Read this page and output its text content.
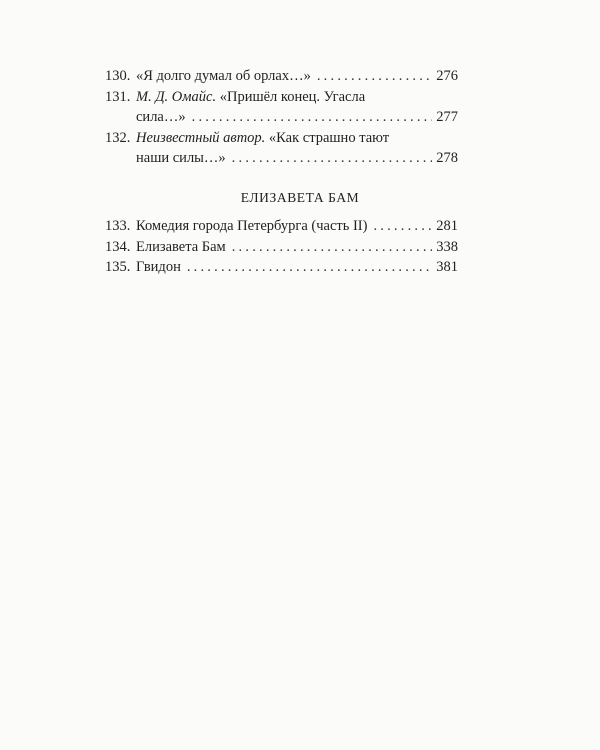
130. «Я долго думал об орлах…» .....	276
131. М. Д. Омайс. «Пришёл конец. Угасла
сила…» .....	277
132. Неизвестный автор. «Как страшно тают
наши силы…» .....	278
ЕЛИЗАВЕТА БАМ
133. Комедия города Петербурга (часть II) .....	281
134. Елизавета Бам .....	338
135. Гвидон .....	381
